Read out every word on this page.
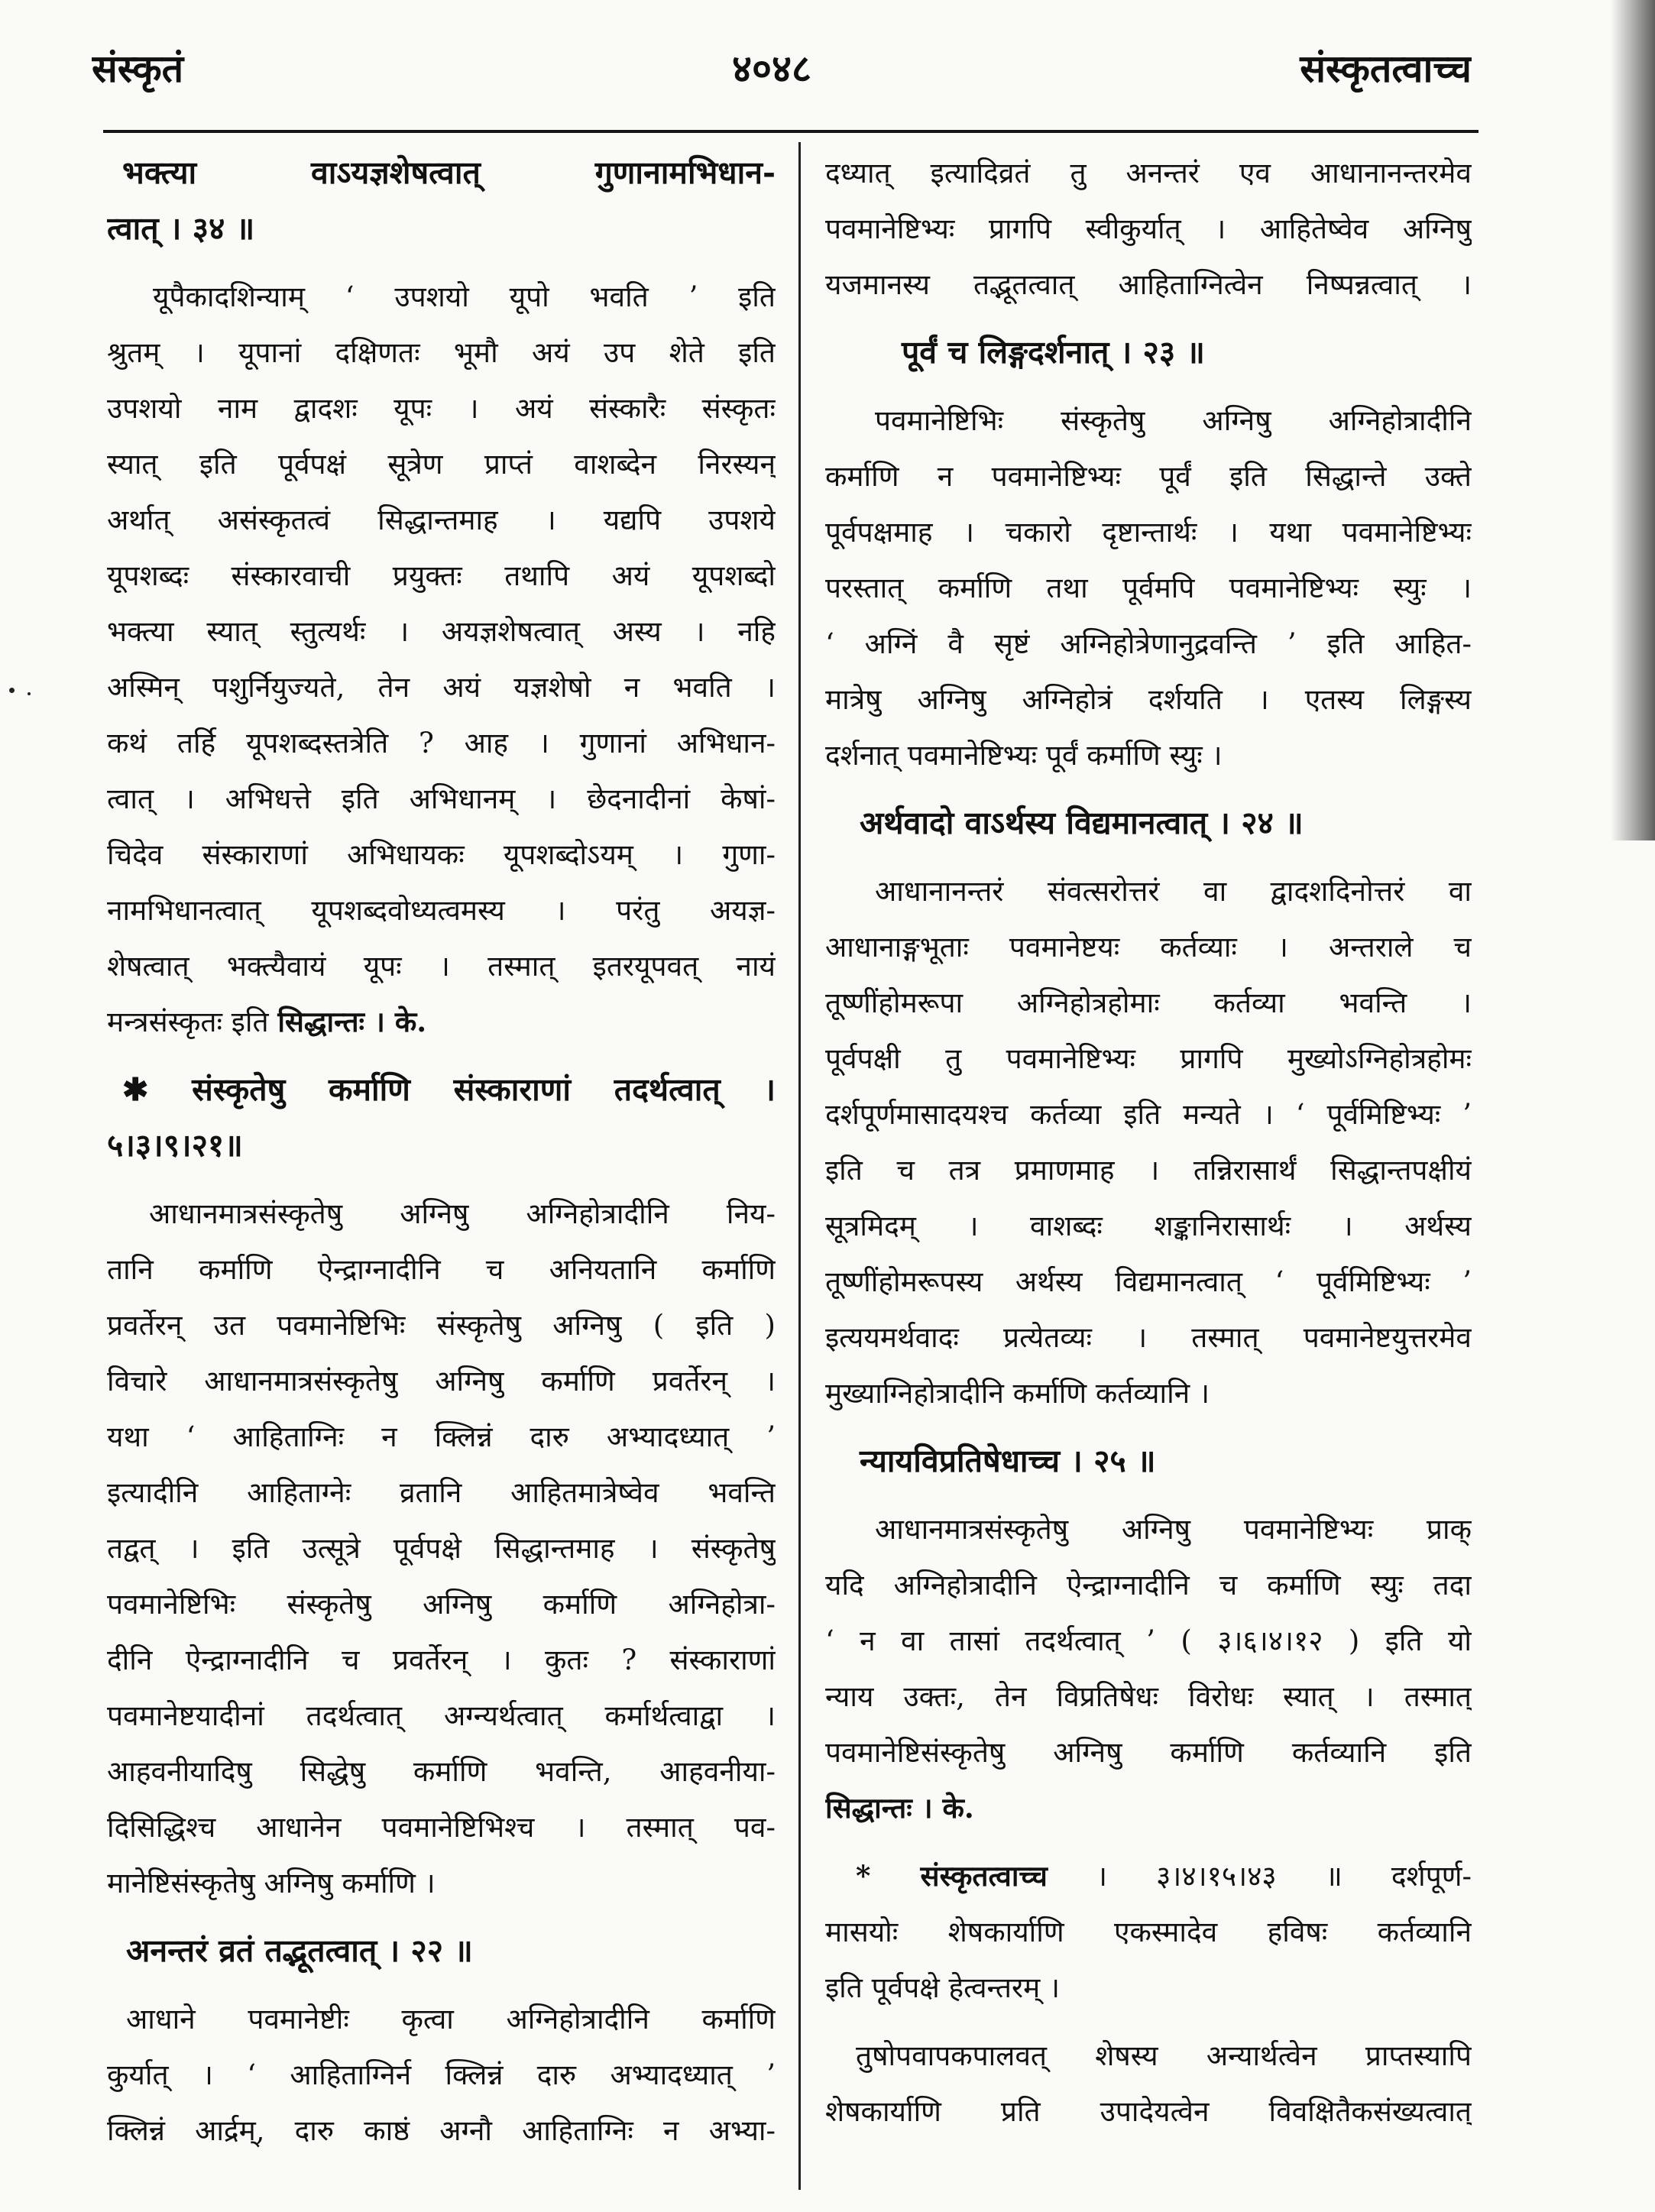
संस्कृतं	४०४८	संस्कृतत्वाच्च
भक्त्या वाऽयज्ञशेषत्वात् गुणानामभिधान-
त्वात् । ३४ ॥
यूपैकादशिन्याम् ‘ उपशयो यूपो भवति ’ इति
श्रुतम् । यूपानां दक्षिणतः भूमौ अयं उप शेते इति
उपशयो नाम द्वादशः यूपः । अयं संस्कारैः संस्कृतः
स्यात् इति पूर्वपक्षं सूत्रेण प्राप्तं वाशब्देन निरस्यन्
अर्थात् असंस्कृतत्वं सिद्धान्तमाह । यद्यपि उपशये
यूपशब्दः संस्कारवाची प्रयुक्तः तथापि अयं यूपशब्दो
भक्त्या स्यात् स्तुत्यर्थः । अयज्ञशेषत्वात् अस्य । नहि
अस्मिन् पशुर्नियुज्यते, तेन अयं यज्ञशेषो न भवति ।
कथं तर्हि यूपशब्दस्तत्रेति ? आह । गुणानां अभिधान-
त्वात् । अभिधत्ते इति अभिधानम् । छेदनादीनां केषां-
चिदेव संस्काराणां अभिधायकः यूपशब्दोऽयम् । गुणा-
नामभिधानत्वात् यूपशब्दवोध्यत्वमस्य । परंतु अयज्ञ-
शेषत्वात् भक्त्यैवायं यूपः । तस्मात् इतरयूपवत् नायं
मन्त्रसंस्कृतः इति सिद्धान्तः । के.
✱ संस्कृतेषु कर्माणि संस्काराणां तदर्थत्वात् ।
५।३।९।२१॥
आधानमात्रसंस्कृतेषु अग्निषु अग्निहोत्रादीनि निय-
तानि कर्माणि ऐन्द्राग्नादीनि च अनियतानि कर्माणि
प्रवर्तेरन् उत पवमानेष्टिभिः संस्कृतेषु अग्निषु ( इति )
विचारे आधानमात्रसंस्कृतेषु अग्निषु कर्माणि प्रवर्तेरन् ।
यथा ‘ आहिताग्निः न क्लिन्नं दारु अभ्यादध्यात् ’
इत्यादीनि आहिताग्नेः व्रतानि आहितमात्रेष्वेव भवन्ति
तद्वत् । इति उत्सूत्रे पूर्वपक्षे सिद्धान्तमाह । संस्कृतेषु
पवमानेष्टिभिः संस्कृतेषु अग्निषु कर्माणि अग्निहोत्रा-
दीनि ऐन्द्राग्नादीनि च प्रवर्तेरन् । कुतः ? संस्काराणां
पवमानेष्टयादीनां तदर्थत्वात् अग्न्यर्थत्वात् कर्मार्थत्वाद्वा ।
आहवनीयादिषु सिद्धेषु कर्माणि भवन्ति, आहवनीया-
दिसिद्धिश्च आधानेन पवमानेष्टिभिश्च । तस्मात् पव-
मानेष्टिसंस्कृतेषु अग्निषु कर्माणि ।
अनन्तरं व्रतं तद्भूतत्वात् । २२ ॥
आधाने पवमानेष्टीः कृत्वा अग्निहोत्रादीनि कर्माणि
कुर्यात् । ‘ आहिताग्निर्न क्लिन्नं दारु अभ्यादध्यात् ’
क्लिन्नं आर्द्रम्, दारु काष्ठं अग्नौ आहिताग्निः न अभ्या-
दध्यात् इत्यादिव्रतं तु अनन्तरं एव आधानानन्तरमेव
पवमानेष्टिभ्यः प्रागपि स्वीकुर्यात् । आहितेष्वेव अग्निषु
यजमानस्य तद्भूतत्वात् आहिताग्नित्वेन निष्पन्नत्वात् ।
पूर्वं च लिङ्गदर्शनात् । २३ ॥
पवमानेष्टिभिः संस्कृतेषु अग्निषु अग्निहोत्रादीनि
कर्माणि न पवमानेष्टिभ्यः पूर्वं इति सिद्धान्ते उक्ते
पूर्वपक्षमाह । चकारो दृष्टान्तार्थः । यथा पवमानेष्टिभ्यः
परस्तात् कर्माणि तथा पूर्वमपि पवमानेष्टिभ्यः स्युः ।
‘ अग्निं वै सृष्टं अग्निहोत्रेणानुद्रवन्ति ’ इति आहित-
मात्रेषु अग्निषु अग्निहोत्रं दर्शयति । एतस्य लिङ्गस्य
दर्शनात् पवमानेष्टिभ्यः पूर्वं कर्माणि स्युः ।
अर्थवादो वाऽर्थस्य विद्यमानत्वात् । २४ ॥
आधानानन्तरं संवत्सरोत्तरं वा द्वादशदिनोत्तरं वा
आधानाङ्गभूताः पवमानेष्टयः कर्तव्याः । अन्तराले च
तूष्णींहोमरूपा अग्निहोत्रहोमाः कर्तव्या भवन्ति ।
पूर्वपक्षी तु पवमानेष्टिभ्यः प्रागपि मुख्योऽग्निहोत्रहोमः
दर्शपूर्णमासादयश्च कर्तव्या इति मन्यते । ‘ पूर्वमिष्टिभ्यः ’
इति च तत्र प्रमाणमाह । तन्निरासार्थं सिद्धान्तपक्षीयं
सूत्रमिदम् । वाशब्दः शङ्कानिरासार्थः । अर्थस्य
तूष्णींहोमरूपस्य अर्थस्य विद्यमानत्वात् ‘ पूर्वमिष्टिभ्यः ’
इत्ययमर्थवादः प्रत्येतव्यः । तस्मात् पवमानेष्टयुत्तरमेव
मुख्याग्निहोत्रादीनि कर्माणि कर्तव्यानि ।
न्यायविप्रतिषेधाच्च । २५ ॥
आधानमात्रसंस्कृतेषु अग्निषु पवमानेष्टिभ्यः प्राक्
यदि अग्निहोत्रादीनि ऐन्द्राग्नादीनि च कर्माणि स्युः तदा
‘ न वा तासां तदर्थत्वात् ’ ( ३।६।४।१२ ) इति यो
न्याय उक्तः, तेन विप्रतिषेधः विरोधः स्यात् । तस्मात्
पवमानेष्टिसंस्कृतेषु अग्निषु कर्माणि कर्तव्यानि इति
सिद्धान्तः । के.
* संस्कृतत्वाच्च । ३।४।१५।४३ ॥ दर्शपूर्ण-
मासयोः शेषकार्याणि एकस्मादेव हविषः कर्तव्यानि
इति पूर्वपक्षे हेत्वन्तरम् ।
तुषोपवापकपालवत् शेषस्य अन्यार्थत्वेन प्राप्तस्यापि
शेषकार्याणि प्रति उपादेयत्वेन विवक्षितैकसंख्यत्वात्
